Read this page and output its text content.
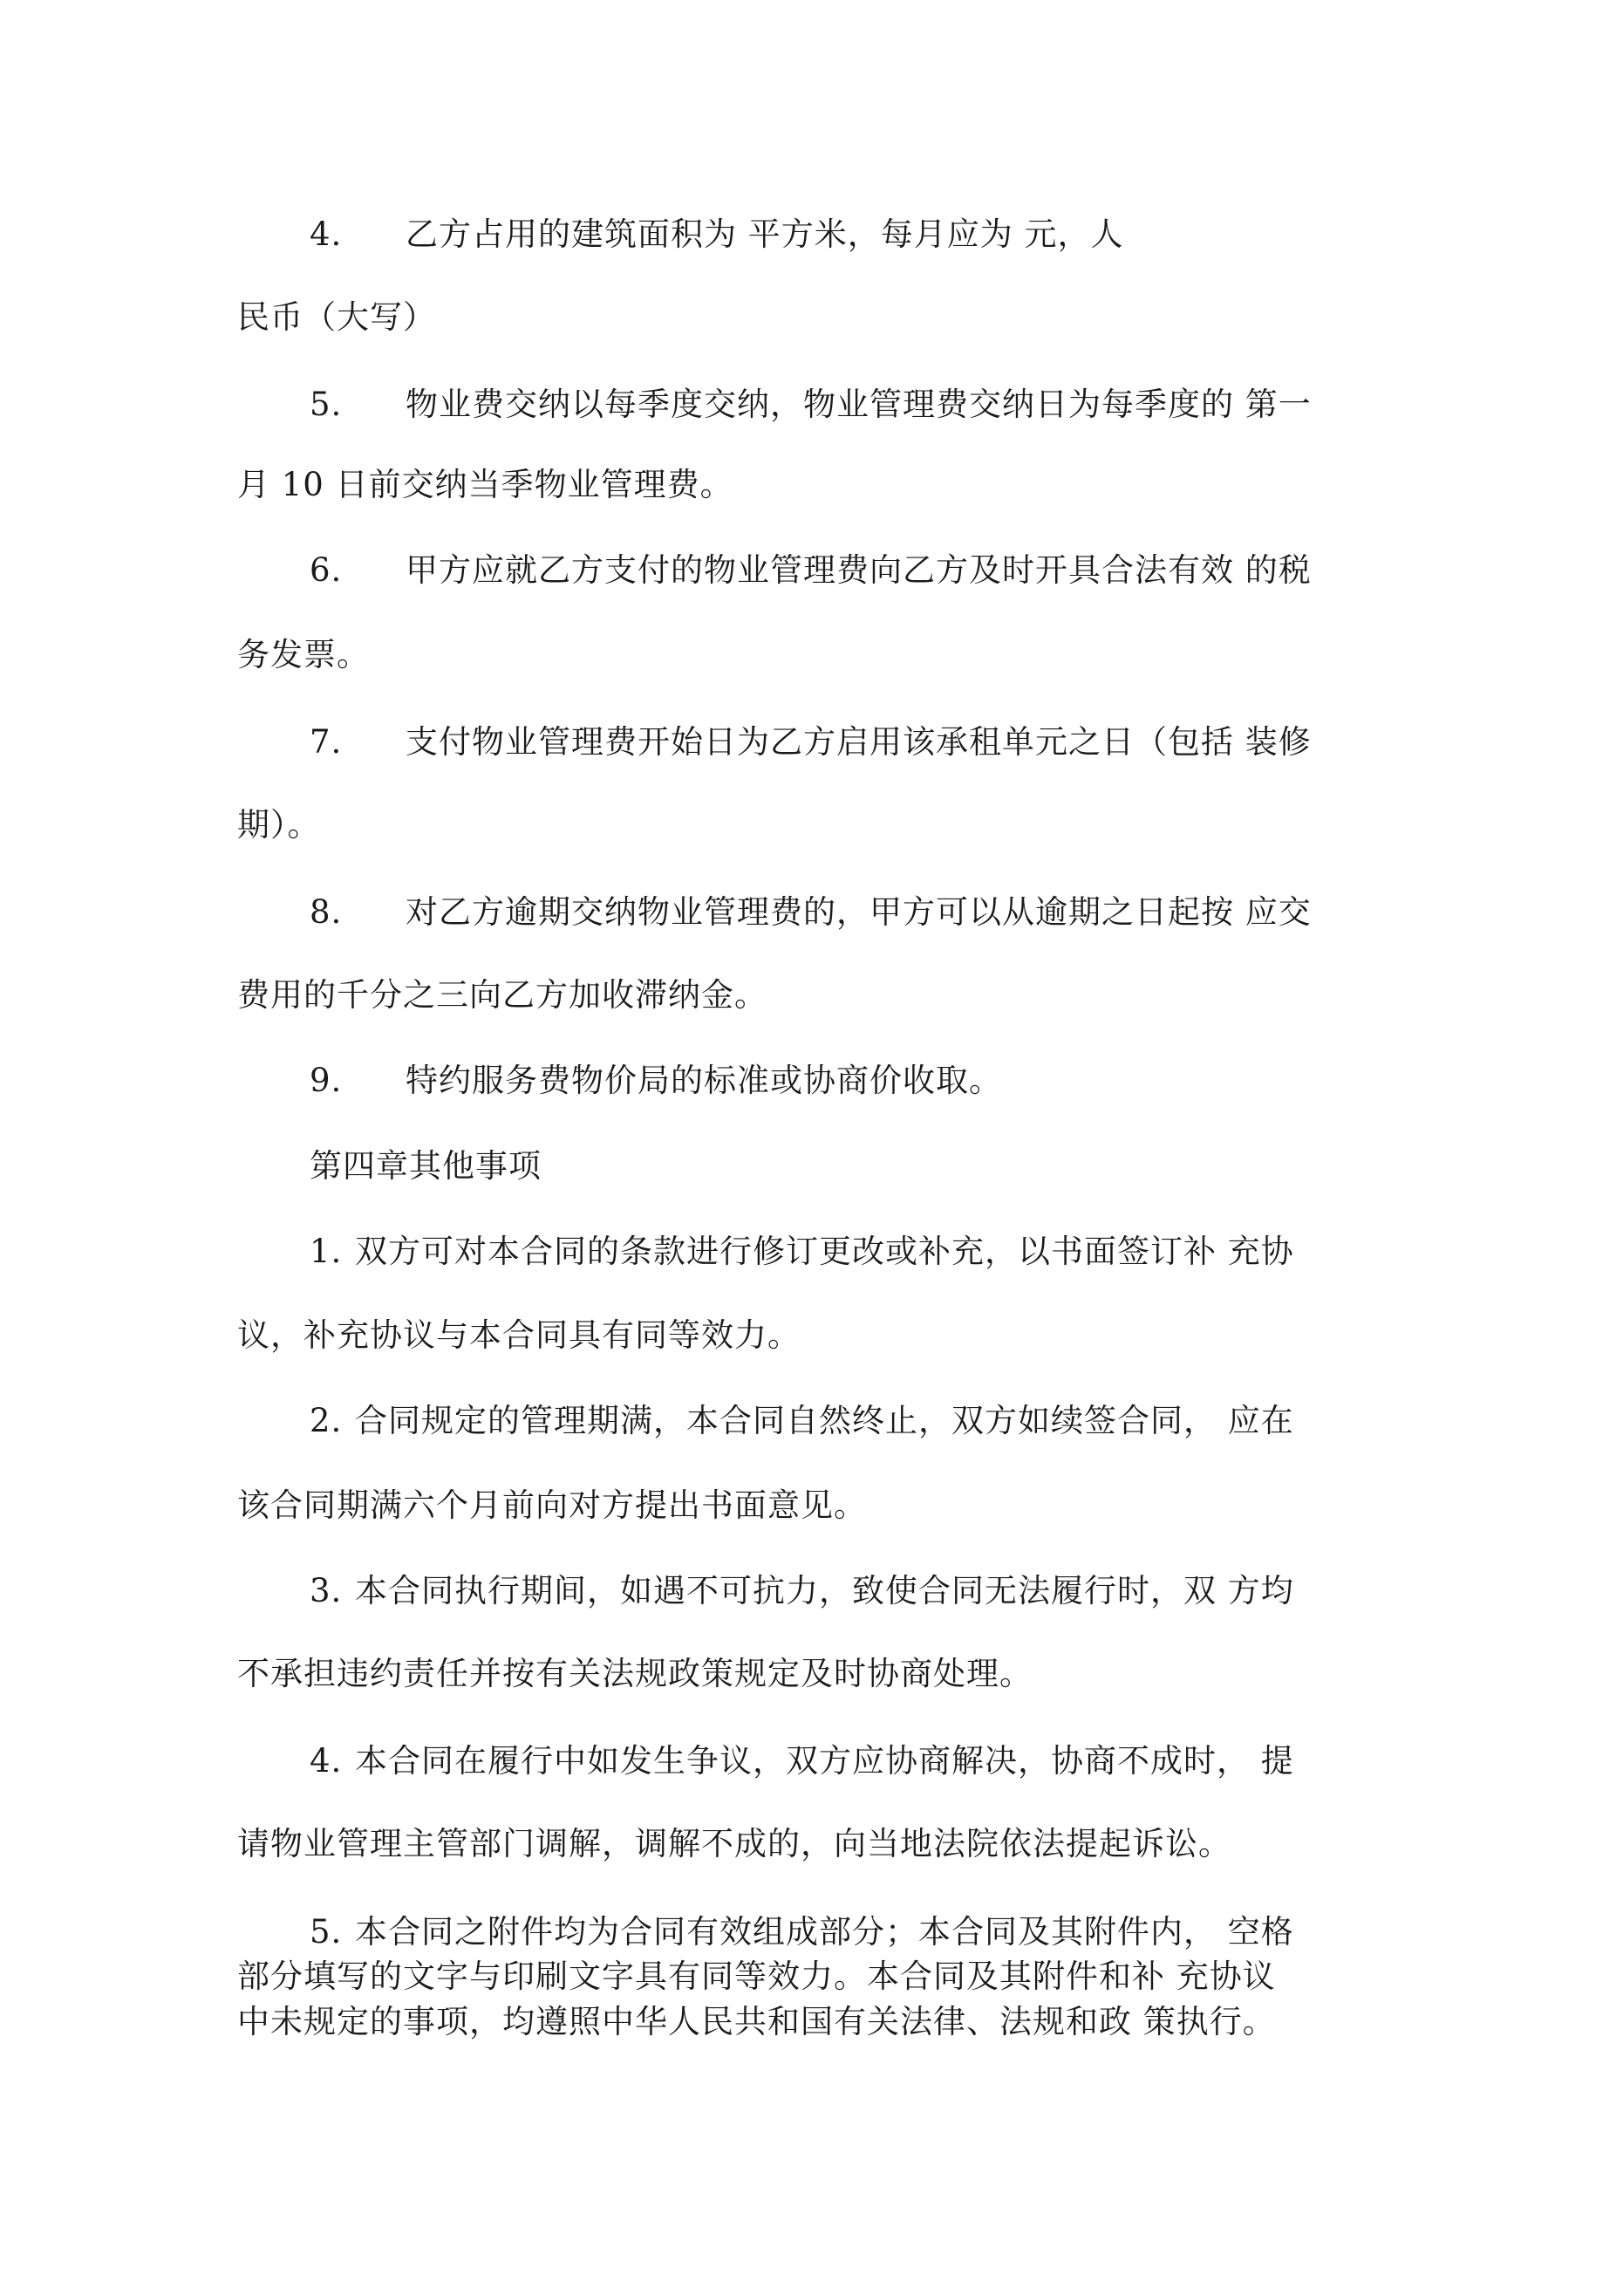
4. 乙方占用的建筑面积为 平方米，每月应为 元，人
民币（大写）
5. 物业费交纳以每季度交纳，物业管理费交纳日为每季度的 第一
月 10 日前交纳当季物业管理费。
6. 甲方应就乙方支付的物业管理费向乙方及时开具合法有效 的税
务发票。
7. 支付物业管理费开始日为乙方启用该承租单元之日（包括 装修
期）。
8. 对乙方逾期交纳物业管理费的，甲方可以从逾期之日起按 应交
费用的千分之三向乙方加收滞纳金。
9. 特约服务费物价局的标准或协商价收取。
第四章其他事项
1. 双方可对本合同的条款进行修订更改或补充，以书面签订补 充协
议，补充协议与本合同具有同等效力。
2. 合同规定的管理期满，本合同自然终止，双方如续签合同， 应在
该合同期满六个月前向对方提出书面意见。
3. 本合同执行期间，如遇不可抗力，致使合同无法履行时，双 方均
不承担违约责任并按有关法规政策规定及时协商处理。
4. 本合同在履行中如发生争议，双方应协商解决，协商不成时， 提
请物业管理主管部门调解，调解不成的，向当地法院依法提起诉讼。
5. 本合同之附件均为合同有效组成部分；本合同及其附件内， 空格
部分填写的文字与印刷文字具有同等效力。本合同及其附件和补 充协议
中未规定的事项，均遵照中华人民共和国有关法律、法规和政 策执行。
